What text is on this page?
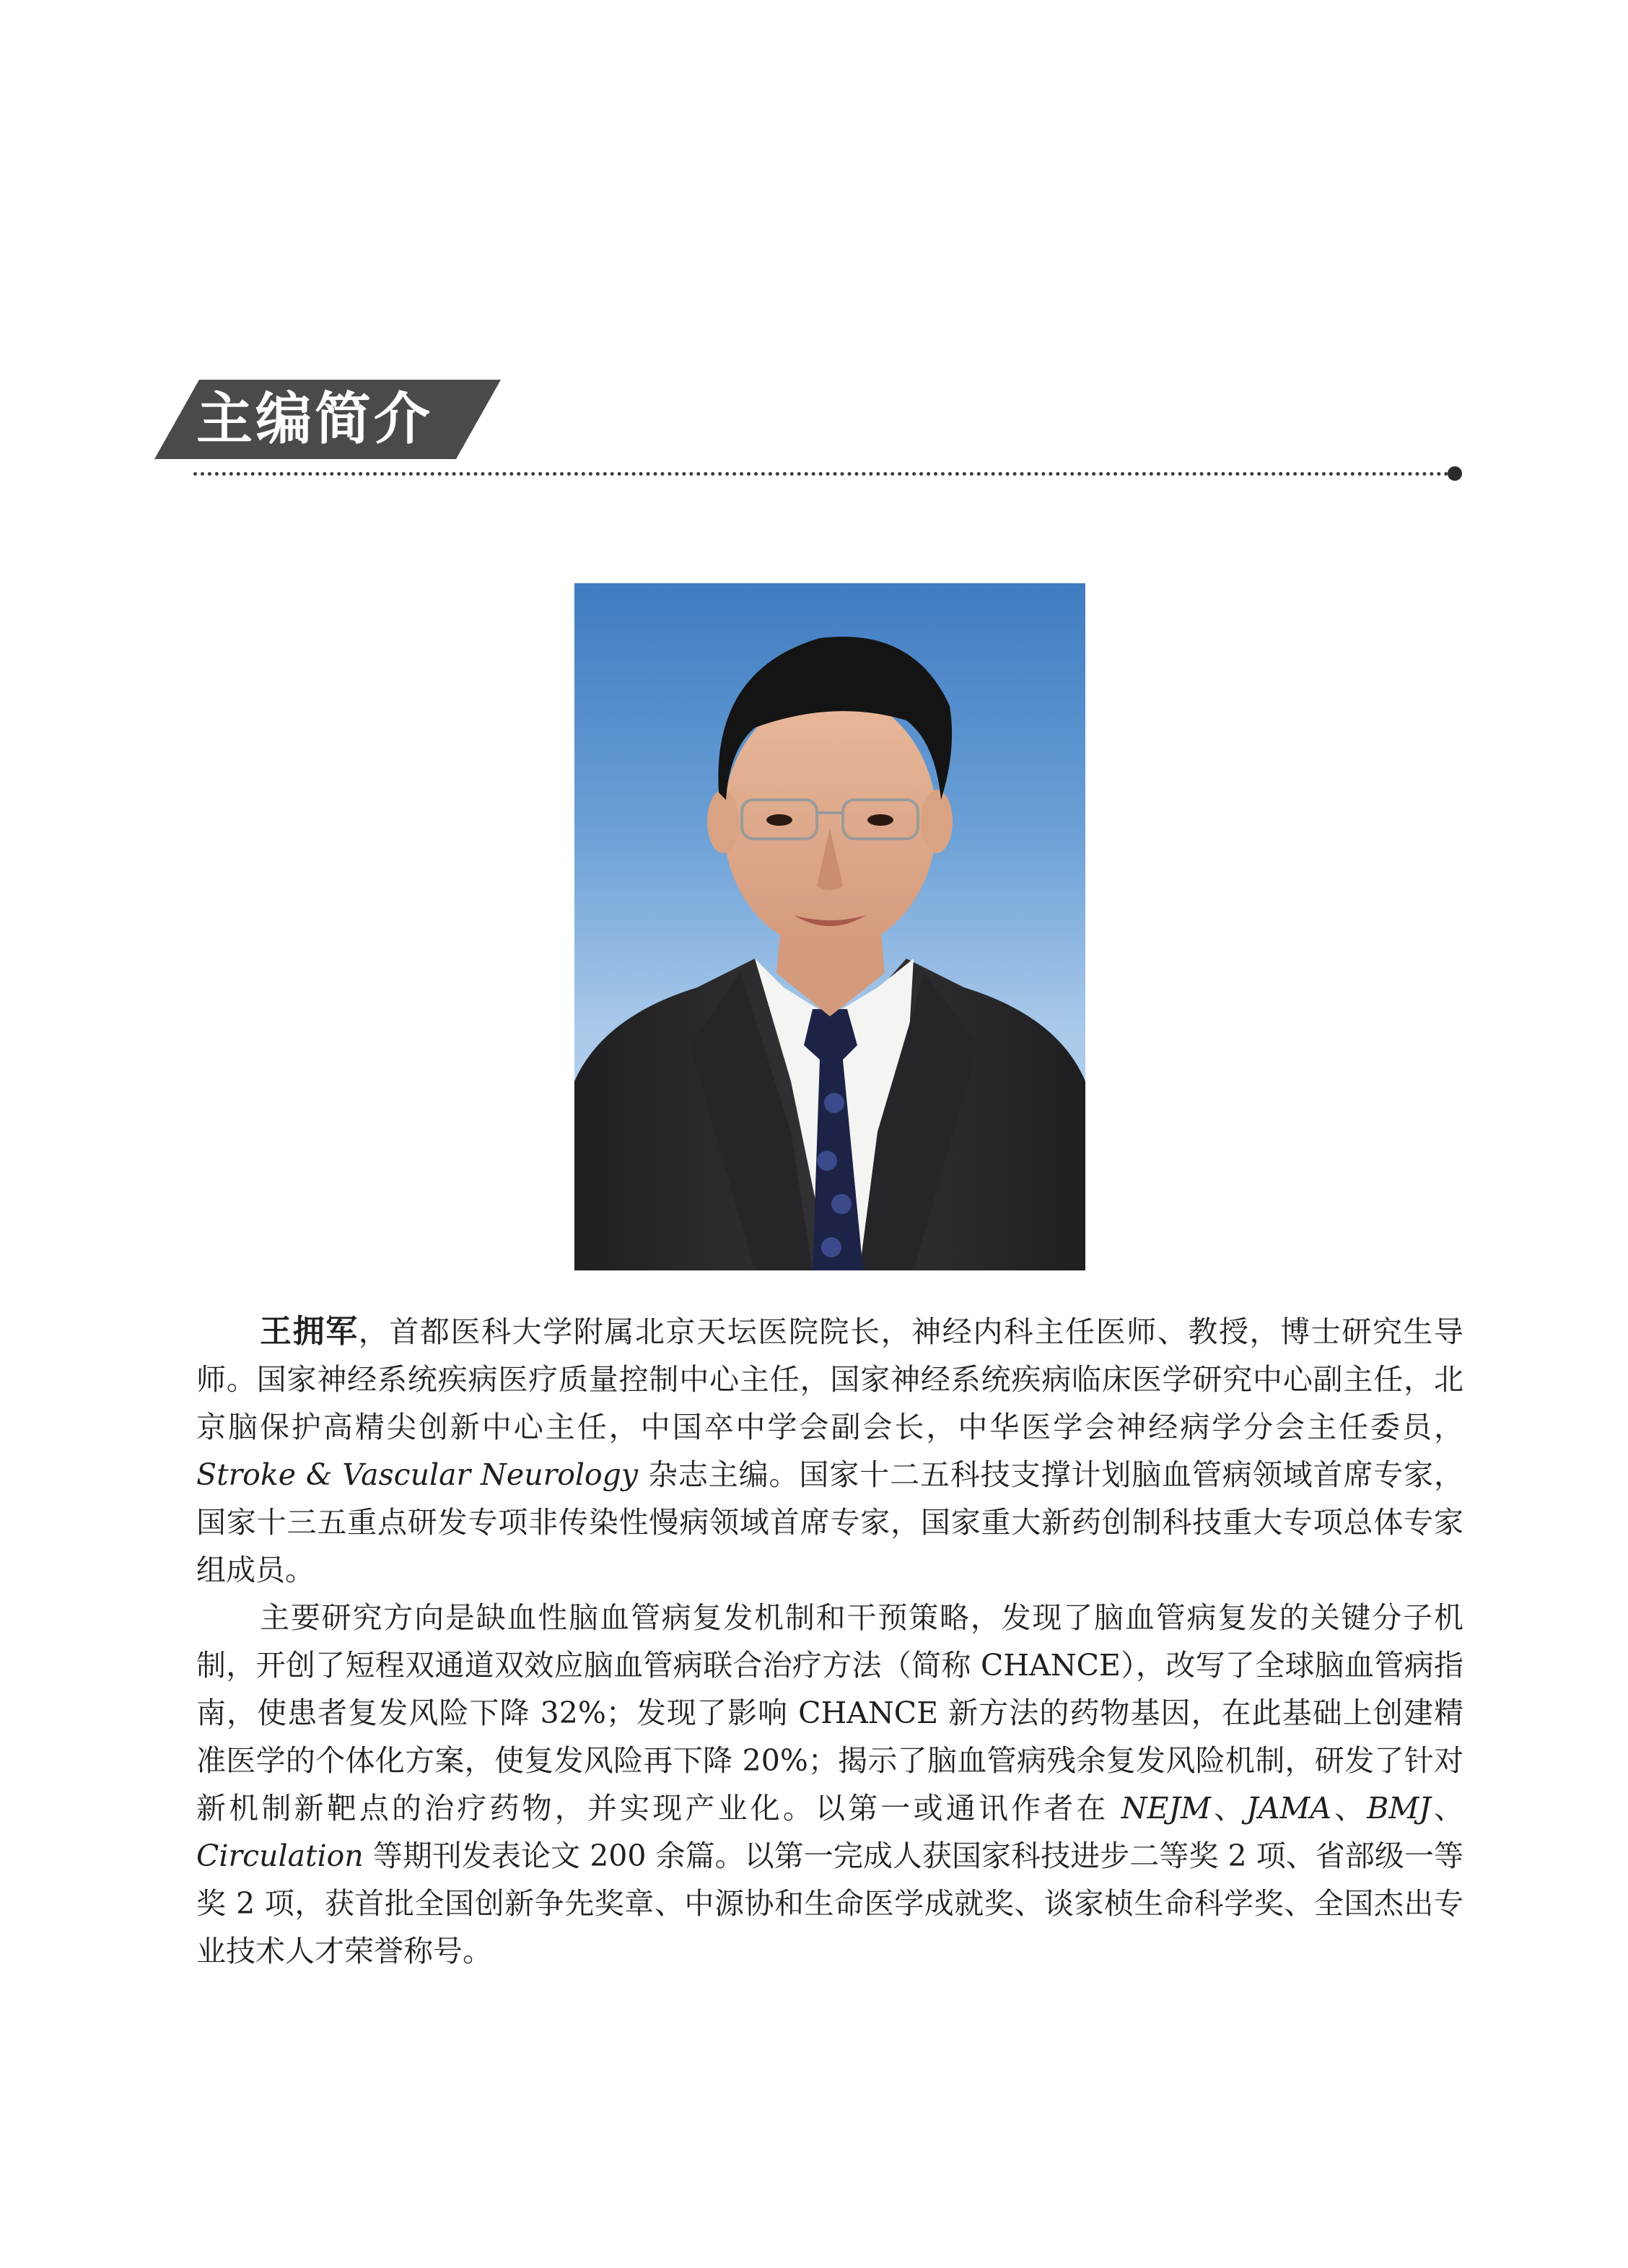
主编简介

王拥军，首都医科大学附属北京天坛医院院长，神经内科主任医师、教授，博士研究生导师。国家神经系统疾病医疗质量控制中心主任，国家神经系统疾病临床医学研究中心副主任，北京脑保护高精尖创新中心主任，中国卒中学会副会长，中华医学会神经病学分会主任委员，Stroke & Vascular Neurology 杂志主编。国家十二五科技支撑计划脑血管病领域首席专家，国家十三五重点研发专项非传染性慢病领域首席专家，国家重大新药创制科技重大专项总体专家组成员。

主要研究方向是缺血性脑血管病复发机制和干预策略，发现了脑血管病复发的关键分子机制，开创了短程双通道双效应脑血管病联合治疗方法（简称 CHANCE），改写了全球脑血管病指南，使患者复发风险下降 32%；发现了影响 CHANCE 新方法的药物基因，在此基础上创建精准医学的个体化方案，使复发风险再下降 20%；揭示了脑血管病残余复发风险机制，研发了针对新机制新靶点的治疗药物，并实现产业化。以第一或通讯作者在 NEJM、JAMA、BMJ、Circulation 等期刊发表论文 200 余篇。以第一完成人获国家科技进步二等奖 2 项、省部级一等奖 2 项，获首批全国创新争先奖章、中源协和生命医学成就奖、谈家桢生命科学奖、全国杰出专业技术人才荣誉称号。
